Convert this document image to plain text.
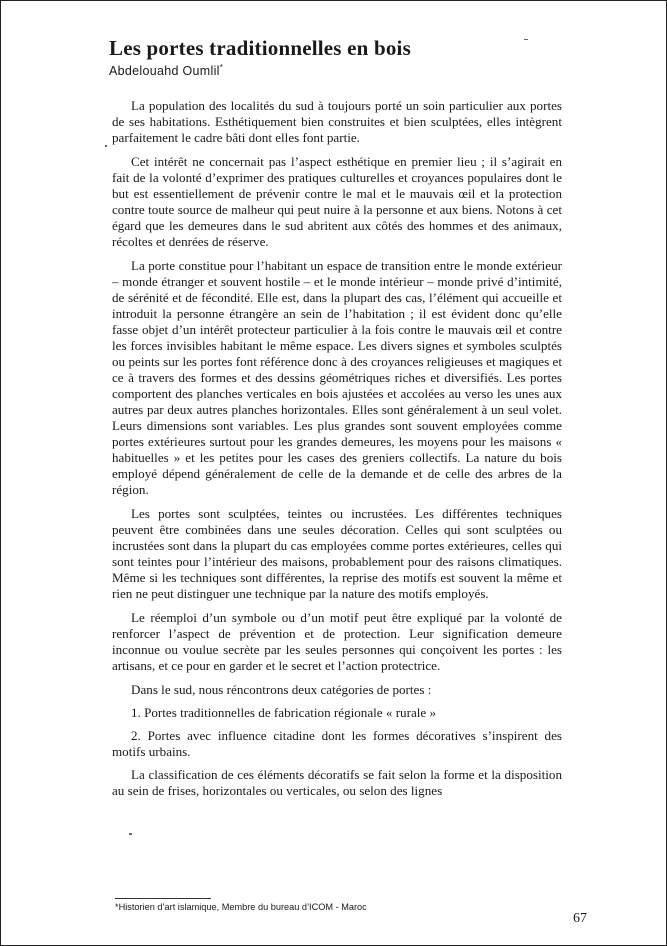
Les portes traditionnelles en bois

Abdelouahd Oumlil*

La population des localités du sud à toujours porté un soin particulier aux portes de ses habitations. Esthétiquement bien construites et bien sculptées, elles intègrent parfaitement le cadre bâti dont elles font partie.

Cet intérêt ne concernait pas l’aspect esthétique en premier lieu ; il s’agirait en fait de la volonté d’exprimer des pratiques culturelles et croyances populaires dont le but est essentiellement de prévenir contre le mal et le mauvais œil et la protection contre toute source de malheur qui peut nuire à la personne et aux biens. Notons à cet égard que les demeures dans le sud abritent aux côtés des hommes et des animaux, récoltes et denrées de réserve.

La porte constitue pour l’habitant un espace de transition entre le monde extérieur – monde étranger et souvent hostile – et le monde intérieur – monde privé d’intimité, de sérénité et de fécondité. Elle est, dans la plupart des cas, l’élément qui accueille et introduit la personne étrangère an sein de l’habitation ; il est évident donc qu’elle fasse objet d’un intérêt protecteur particulier à la fois contre le mauvais œil et contre les forces invisibles habitant le même espace. Les divers signes et symboles sculptés ou peints sur les portes font référence donc à des croyances religieuses et magiques et ce à travers des formes et des dessins géométriques riches et diversifiés. Les portes comportent des planches verticales en bois ajustées et accolées au verso les unes aux autres par deux autres planches horizontales. Elles sont généralement à un seul volet. Leurs dimensions sont variables. Les plus grandes sont souvent employées comme portes extérieures surtout pour les grandes demeures, les moyens pour les maisons « habituelles » et les petites pour les cases des greniers collectifs. La nature du bois employé dépend généralement de celle de la demande et de celle des arbres de la région.

Les portes sont sculptées, teintes ou incrustées. Les différentes techniques peuvent être combinées dans une seules décoration. Celles qui sont sculptées ou incrustées sont dans la plupart du cas employées comme portes extérieures, celles qui sont teintes pour l’intérieur des maisons, probablement pour des raisons climatiques. Même si les techniques sont différentes, la reprise des motifs est souvent la même et rien ne peut distinguer une technique par la nature des motifs employés.

Le réemploi d’un symbole ou d’un motif peut être expliqué par la volonté de renforcer l’aspect de prévention et de protection. Leur signification demeure inconnue ou voulue secrète par les seules personnes qui conçoivent les portes : les artisans, et ce pour en garder et le secret et l’action protectrice.

Dans le sud, nous réncontrons deux catégories de portes :

1. Portes traditionnelles de fabrication régionale « rurale »

2. Portes avec influence citadine dont les formes décoratives s’inspirent des motifs urbains.

La classification de ces éléments décoratifs se fait selon la forme et la disposition au sein de frises, horizontales ou verticales, ou selon des lignes

*Historien d’art islamique, Membre du bureau d’ICOM - Maroc

67
